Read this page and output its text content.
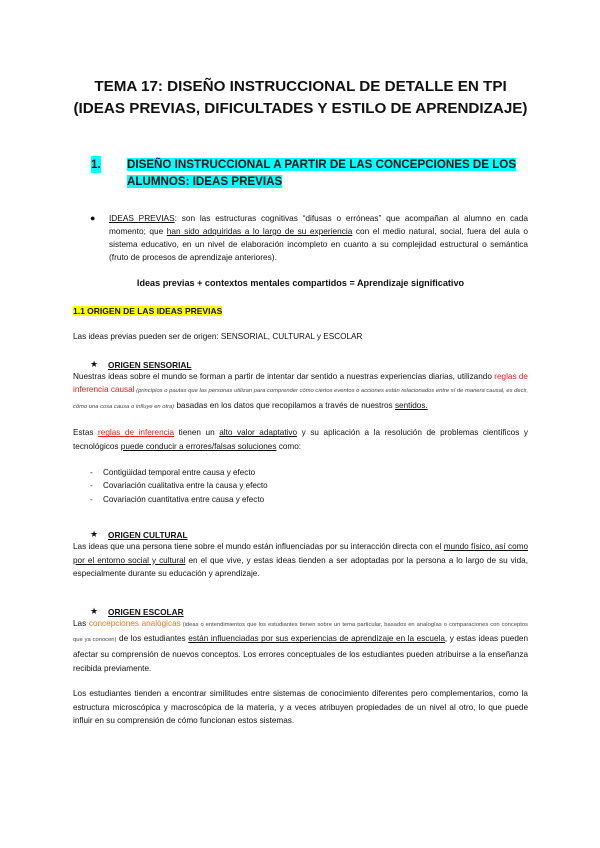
TEMA 17: DISEÑO INSTRUCCIONAL DE DETALLE EN TPI

(IDEAS PREVIAS, DIFICULTADES Y ESTILO DE APRENDIZAJE)

1. DISEÑO INSTRUCCIONAL A PARTIR DE LAS CONCEPCIONES DE LOS
ALUMNOS: IDEAS PREVIAS
● IDEAS PREVIAS: son las estructuras cognitivas “difusas o erróneas” que acompañan al alumno en cada momento; que han sido adquiridas a lo largo de su experiencia con el medio natural, social, fuera del aula o sistema educativo, en un nivel de elaboración incompleto en cuanto a su complejidad estructural o semántica (fruto de procesos de aprendizaje anteriores).
Ideas previas + contextos mentales compartidos = Aprendizaje significativo
1.1 ORIGEN DE LAS IDEAS PREVIAS

Las ideas previas pueden ser de origen: SENSORIAL, CULTURAL y ESCOLAR

★ ORIGEN SENSORIAL

Nuestras ideas sobre el mundo se forman a partir de intentar dar sentido a nuestras experiencias diarias, utilizando reglas de inferencia causal (principios o pautas que las personas utilizan para comprender cómo ciertos eventos o acciones están relacionados entre sí de manera causal, es decir, cómo una cosa causa o influye en otra) basadas en los datos que recopilamos a través de nuestros sentidos.

Estas reglas de inferencia tienen un alto valor adaptativo y su aplicación a la resolución de problemas científicos y tecnológicos puede conducir a errores/falsas soluciones como:

- Contigüidad temporal entre causa y efecto
- Covariación cualitativa entre la causa y efecto
- Covariación cuantitativa entre causa y efecto
★ ORIGEN CULTURAL

Las ideas que una persona tiene sobre el mundo están influenciadas por su interacción directa con el mundo físico, así como por el entorno social y cultural en el que vive, y estas ideas tienden a ser adoptadas por la persona a lo largo de su vida, especialmente durante su educación y aprendizaje.

★ ORIGEN ESCOLAR

Las concepciones analógicas (ideas o entendimientos que los estudiantes tienen sobre un tema particular, basados en analogías o comparaciones con conceptos que ya conocen) de los estudiantes están influenciadas por sus experiencias de aprendizaje en la escuela, y estas ideas pueden afectar su comprensión de nuevos conceptos. Los errores conceptuales de los estudiantes pueden atribuirse a la enseñanza recibida previamente.

Los estudiantes tienden a encontrar similitudes entre sistemas de conocimiento diferentes pero complementarios, como la estructura microscópica y macroscópica de la materia, y a veces atribuyen propiedades de un nivel al otro, lo que puede influir en su comprensión de cómo funcionan estos sistemas.
